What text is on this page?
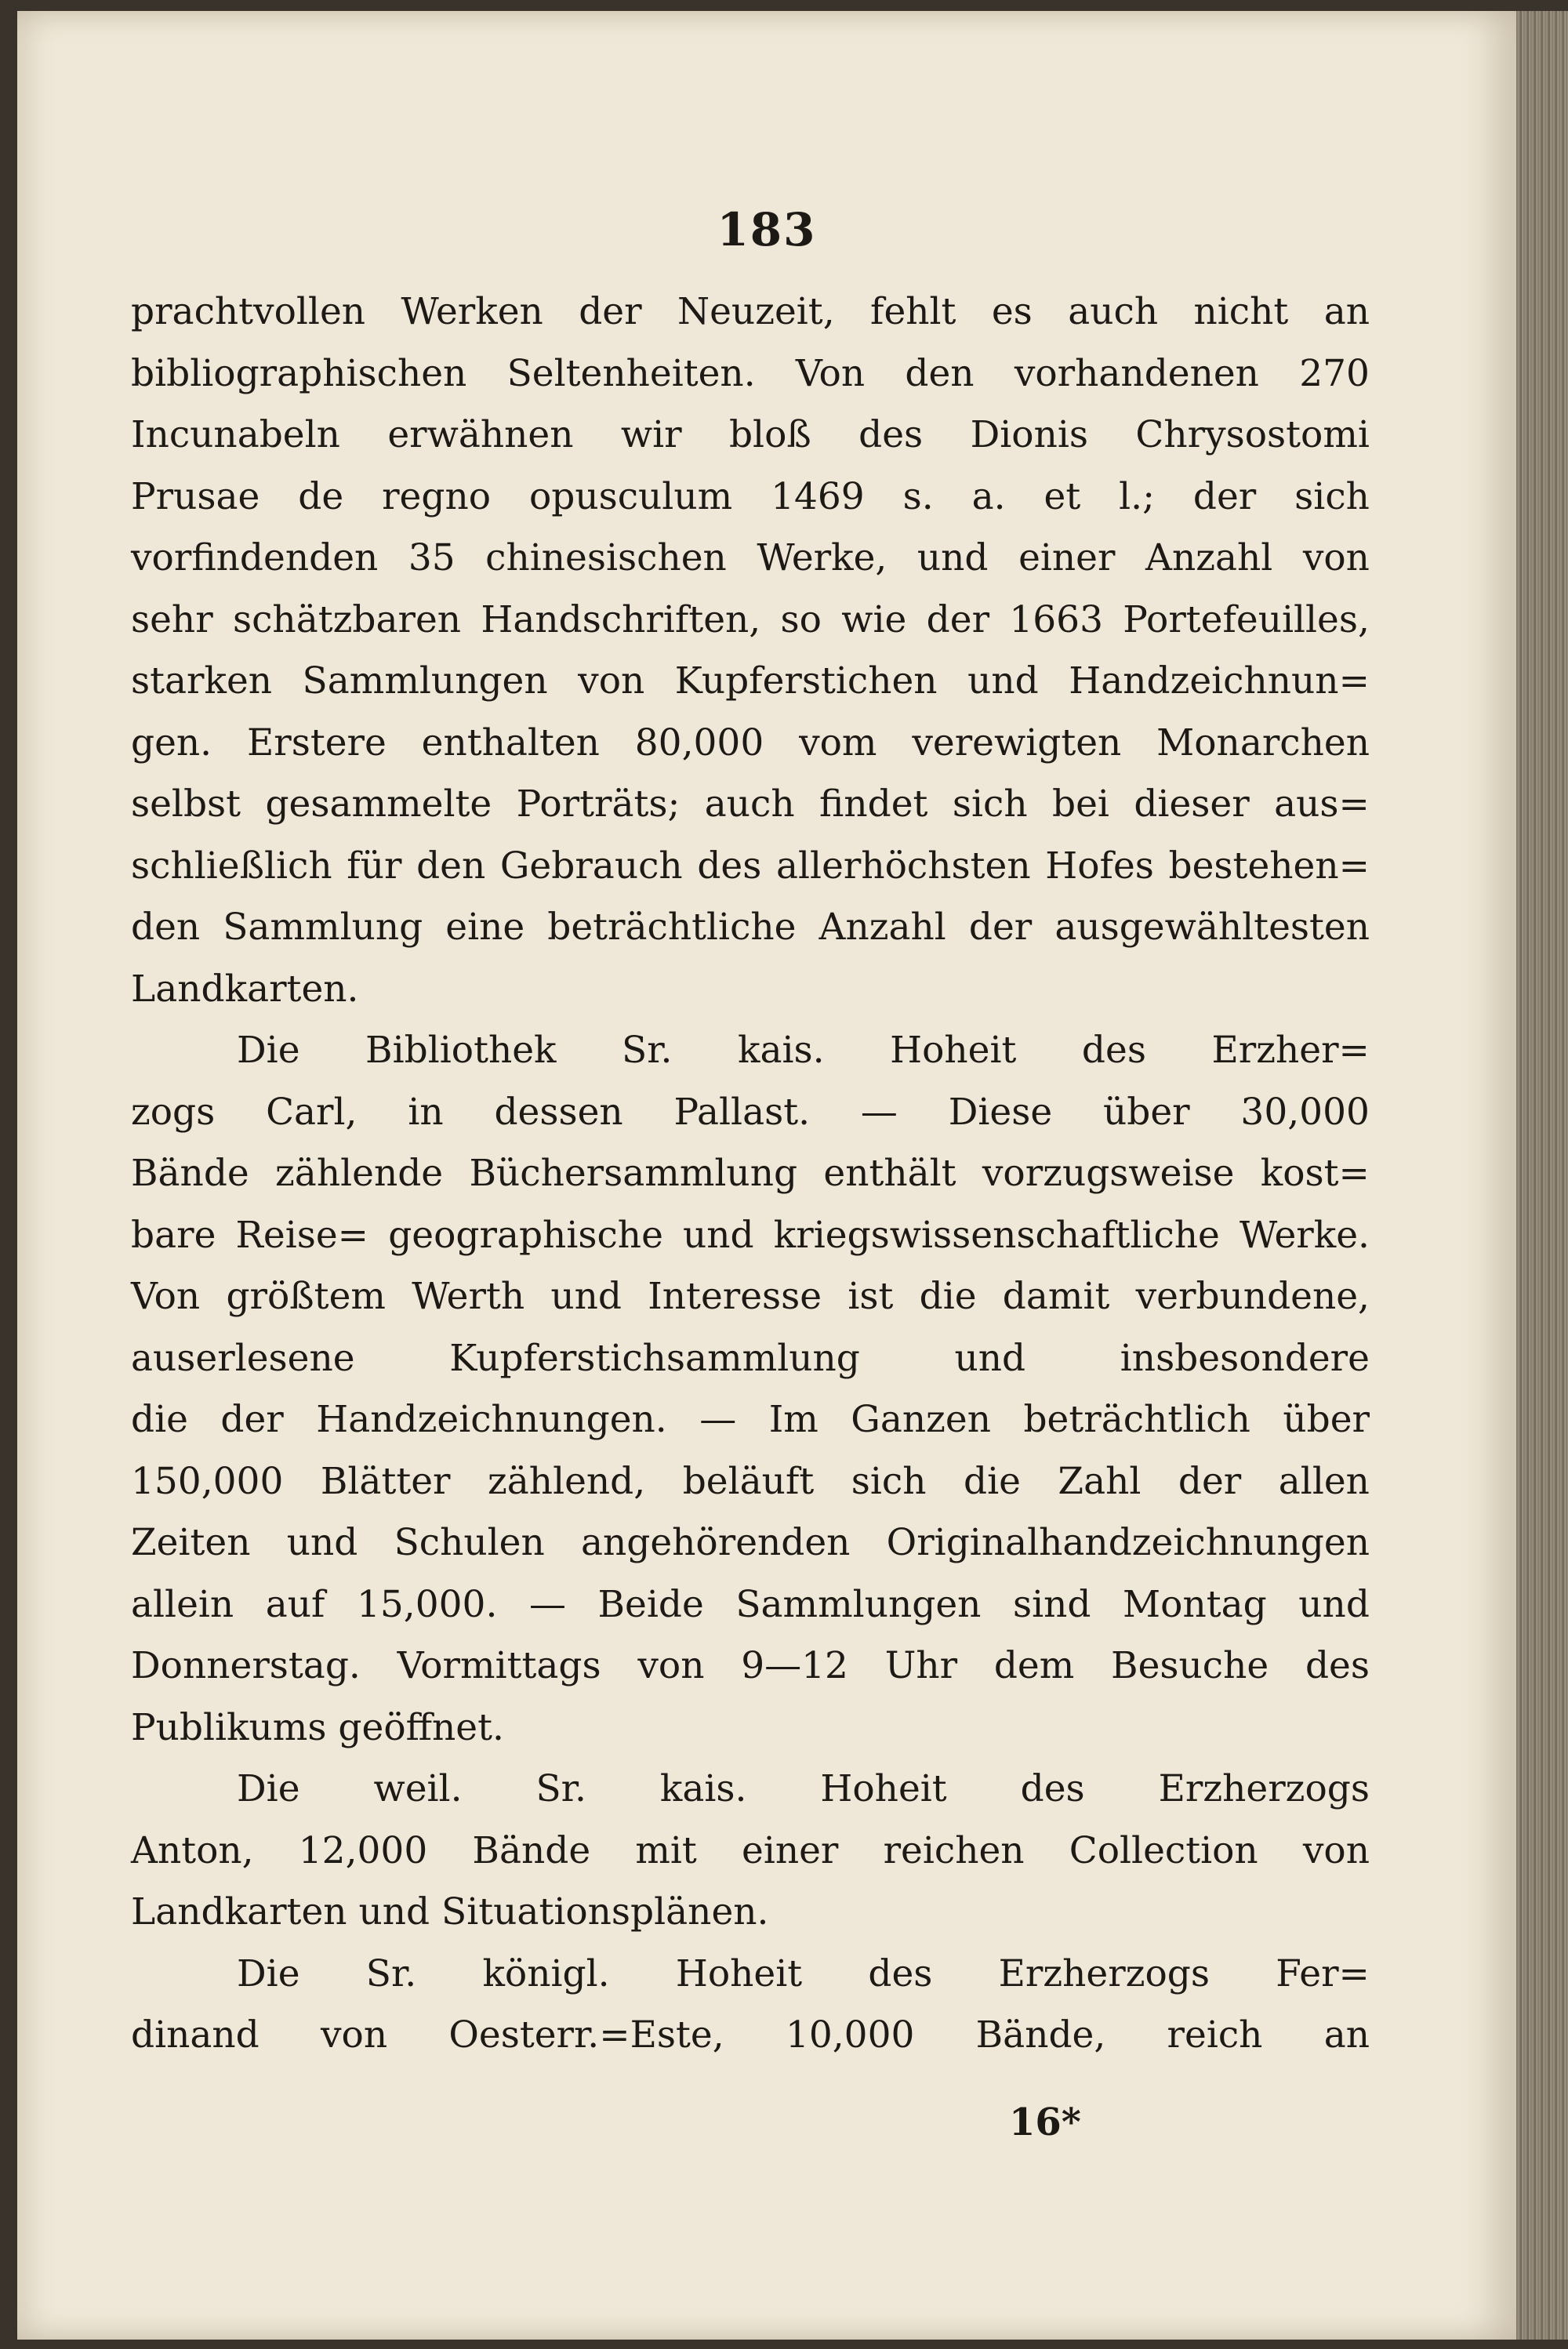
183
prachtvollen Werken der Neuzeit, fehlt es auch nicht an
bibliographischen Seltenheiten. Von den vorhandenen 270
Incunabeln erwähnen wir bloß des Dionis Chrysostomi
Prusae de regno opusculum 1469 s. a. et l.; der sich
vorfindenden 35 chinesischen Werke, und einer Anzahl von
sehr schätzbaren Handschriften, so wie der 1663 Portefeuilles,
starken Sammlungen von Kupferstichen und Handzeichnun=
gen. Erstere enthalten 80,000 vom verewigten Monarchen
selbst gesammelte Porträts; auch findet sich bei dieser aus=
schließlich für den Gebrauch des allerhöchsten Hofes bestehen=
den Sammlung eine beträchtliche Anzahl der ausgewähltesten
Landkarten.
Die Bibliothek Sr. kais. Hoheit des Erzher=
zogs Carl, in dessen Pallast. — Diese über 30,000
Bände zählende Büchersammlung enthält vorzugsweise kost=
bare Reise= geographische und kriegswissenschaftliche Werke.
Von größtem Werth und Interesse ist die damit verbundene,
auserlesene	Kupferstichsammlung	und	insbesondere
die der Handzeichnungen. — Im Ganzen beträchtlich über
150,000 Blätter zählend, beläuft sich die Zahl der allen
Zeiten und Schulen angehörenden Originalhandzeichnungen
allein auf 15,000. — Beide Sammlungen sind Montag und
Donnerstag. Vormittags von 9—12 Uhr dem Besuche des
Publikums geöffnet.
Die weil. Sr. kais. Hoheit des Erzherzogs
Anton, 12,000 Bände mit einer reichen Collection von
Landkarten und Situationsplänen.
Die Sr. königl. Hoheit des Erzherzogs Fer=
dinand von Oesterr.=Este, 10,000 Bände, reich an
16*
